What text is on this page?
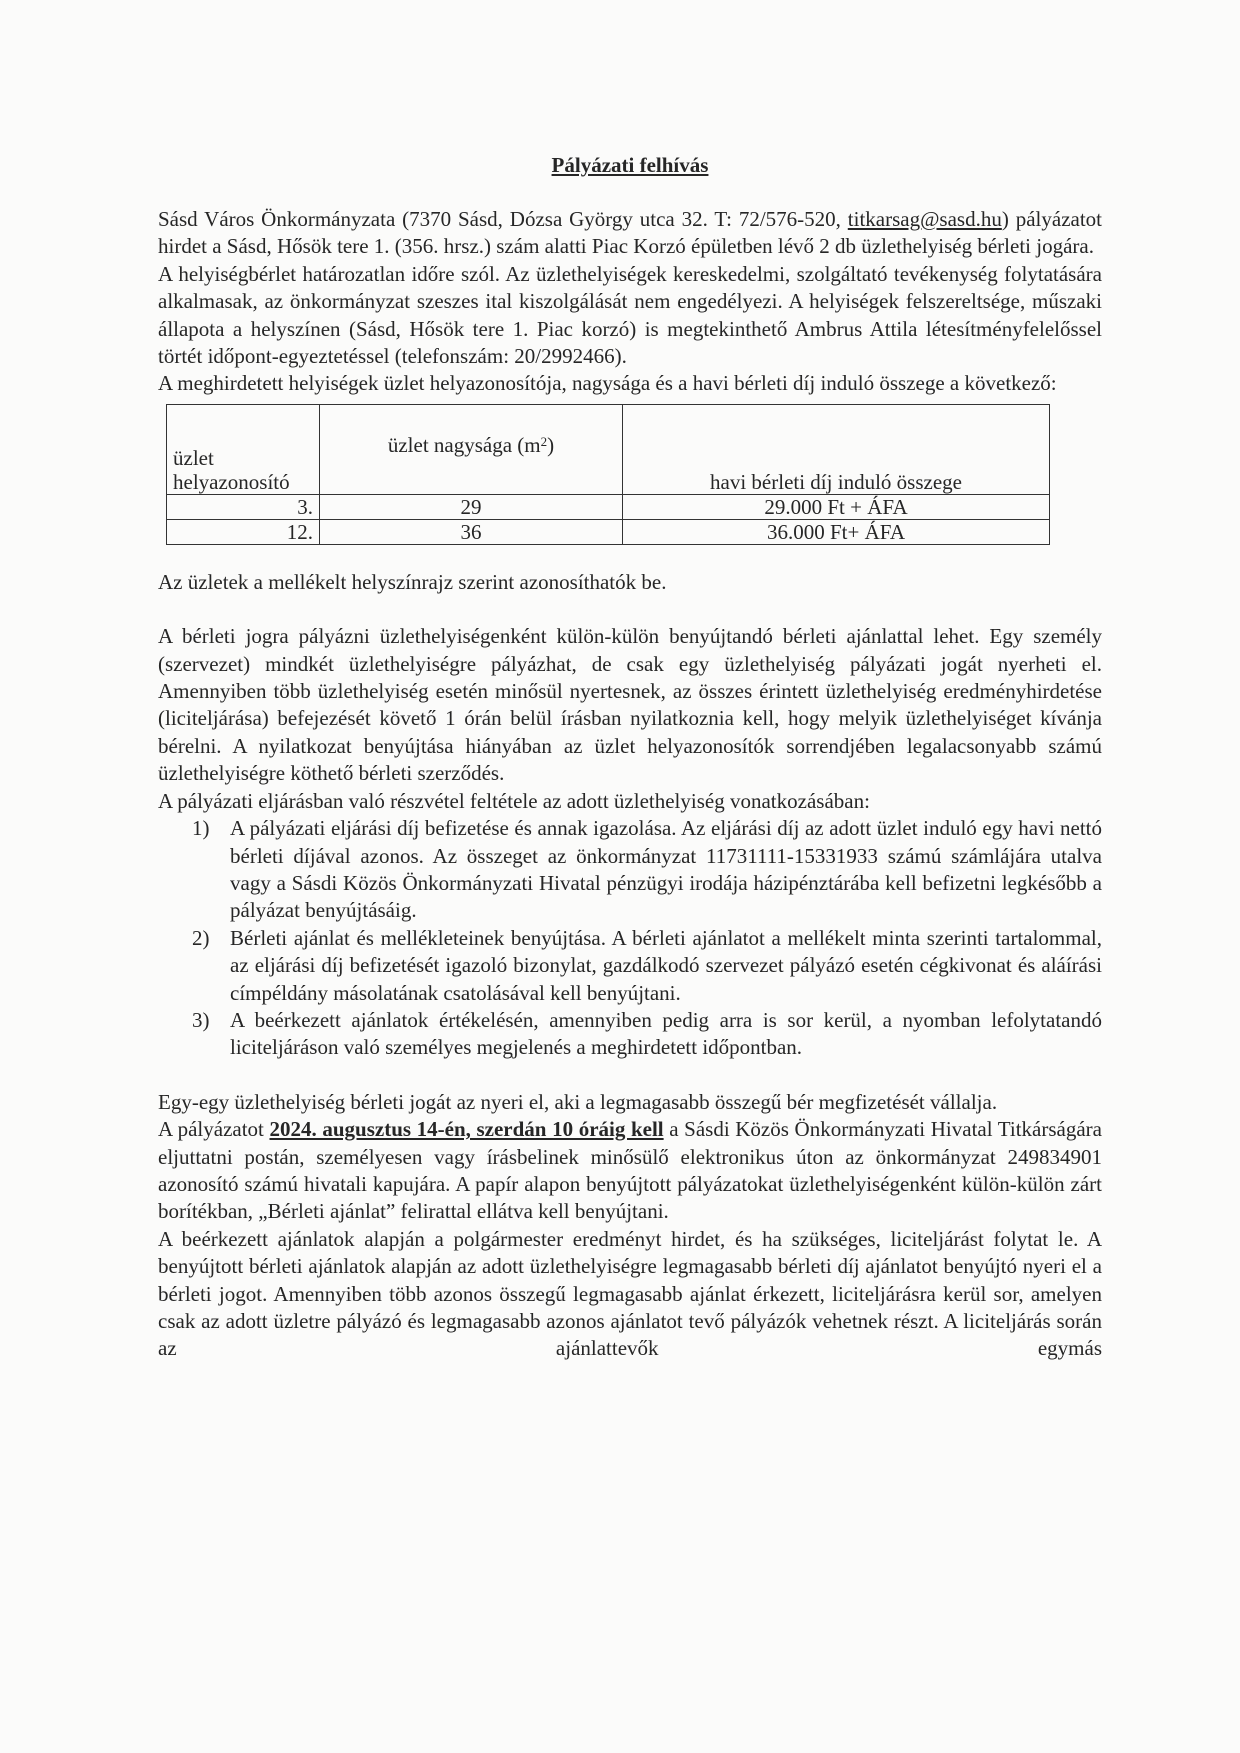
Pályázati felhívás

Sásd Város Önkormányzata (7370 Sásd, Dózsa György utca 32. T: 72/576-520, titkarsag@sasd.hu) pályázatot hirdet a Sásd, Hősök tere 1. (356. hrsz.) szám alatti Piac Korzó épületben lévő 2 db üzlethelyiség bérleti jogára.

A helyiségbérlet határozatlan időre szól. Az üzlethelyiségek kereskedelmi, szolgáltató tevékenység folytatására alkalmasak, az önkormányzat szeszes ital kiszolgálását nem engedélyezi. A helyiségek felszereltsége, műszaki állapota a helyszínen (Sásd, Hősök tere 1. Piac korzó) is megtekinthető Ambrus Attila létesítményfelelőssel törtét időpont-egyeztetéssel (telefonszám: 20/2992466).

A meghirdetett helyiségek üzlet helyazonosítója, nagysága és a havi bérleti díj induló összege a következő:

üzlet
helyazonosító	üzlet nagysága $(m^2)$	havi bérleti díj induló összege
3.	29	29.000 Ft + ÁFA
12.	36	36.000 Ft+ ÁFA

Az üzletek a mellékelt helyszínrajz szerint azonosíthatók be.

A bérleti jogra pályázni üzlethelyiségenként külön-külön benyújtandó bérleti ajánlattal lehet. Egy személy (szervezet) mindkét üzlethelyiségre pályázhat, de csak egy üzlethelyiség pályázati jogát nyerheti el. Amennyiben több üzlethelyiség esetén minősül nyertesnek, az összes érintett üzlethelyiség eredményhirdetése (liciteljárása) befejezését követő 1 órán belül írásban nyilatkoznia kell, hogy melyik üzlethelyiséget kívánja bérelni. A nyilatkozat benyújtása hiányában az üzlet helyazonosítók sorrendjében legalacsonyabb számú üzlethelyiségre köthető bérleti szerződés.

A pályázati eljárásban való részvétel feltétele az adott üzlethelyiség vonatkozásában:

1) A pályázati eljárási díj befizetése és annak igazolása. Az eljárási díj az adott üzlet induló egy havi nettó bérleti díjával azonos. Az összeget az önkormányzat 11731111-15331933 számú számlájára utalva vagy a Sásdi Közös Önkormányzati Hivatal pénzügyi irodája házipénztárába kell befizetni legkésőbb a pályázat benyújtásáig.
2) Bérleti ajánlat és mellékleteinek benyújtása. A bérleti ajánlatot a mellékelt minta szerinti tartalommal, az eljárási díj befizetését igazoló bizonylat, gazdálkodó szervezet pályázó esetén cégkivonat és aláírási címpéldány másolatának csatolásával kell benyújtani.
3) A beérkezett ajánlatok értékelésén, amennyiben pedig arra is sor kerül, a nyomban lefolytatandó liciteljáráson való személyes megjelenés a meghirdetett időpontban.

Egy-egy üzlethelyiség bérleti jogát az nyeri el, aki a legmagasabb összegű bér megfizetését vállalja.

A pályázatot 2024. augusztus 14-én, szerdán 10 óráig kell a Sásdi Közös Önkormányzati Hivatal Titkárságára eljuttatni postán, személyesen vagy írásbelinek minősülő elektronikus úton az önkormányzat 249834901 azonosító számú hivatali kapujára. A papír alapon benyújtott pályázatokat üzlethelyiségenként külön-külön zárt borítékban, „Bérleti ajánlat” felirattal ellátva kell benyújtani.

A beérkezett ajánlatok alapján a polgármester eredményt hirdet, és ha szükséges, liciteljárást folytat le. A benyújtott bérleti ajánlatok alapján az adott üzlethelyiségre legmagasabb bérleti díj ajánlatot benyújtó nyeri el a bérleti jogot. Amennyiben több azonos összegű legmagasabb ajánlat érkezett, liciteljárásra kerül sor, amelyen csak az adott üzletre pályázó és legmagasabb azonos ajánlatot tevő pályázók vehetnek részt. A liciteljárás során az ajánlattevők egymás
